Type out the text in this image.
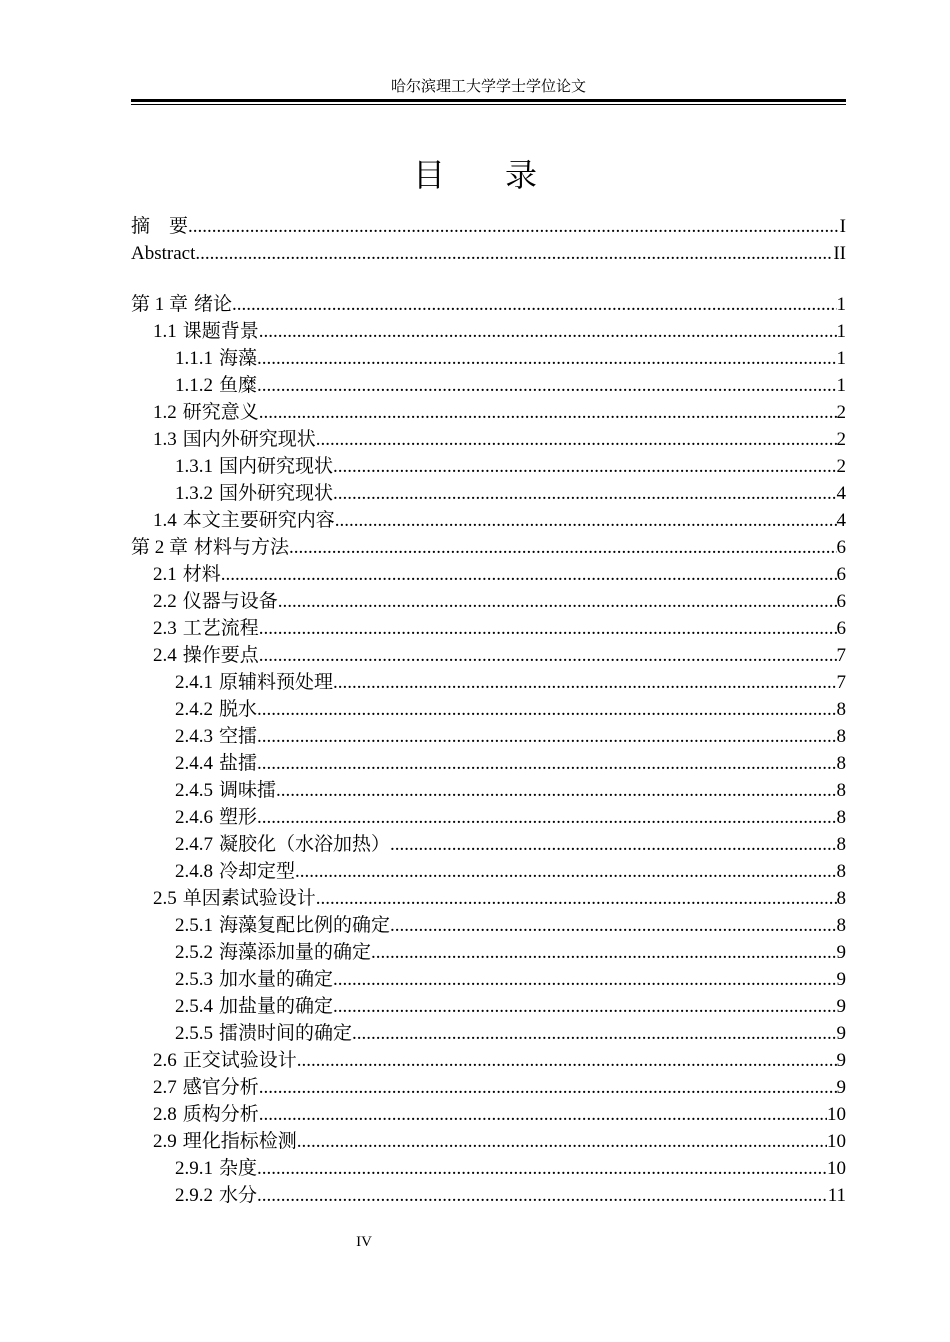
哈尔滨理工大学学士学位论文
目 录
摘　要 .....	I
Abstract .....	II
第 1 章 绪论 .....	1
1.1 课题背景 .....	1
1.1.1 海藻 .....	1
1.1.2 鱼糜 .....	1
1.2 研究意义 .....	2
1.3 国内外研究现状 .....	2
1.3.1 国内研究现状 .....	2
1.3.2 国外研究现状 .....	4
1.4 本文主要研究内容 .....	4
第 2 章 材料与方法 .....	6
2.1 材料 .....	6
2.2 仪器与设备 .....	6
2.3 工艺流程 .....	6
2.4 操作要点 .....	7
2.4.1 原辅料预处理 .....	7
2.4.2 脱水 .....	8
2.4.3 空擂 .....	8
2.4.4 盐擂 .....	8
2.4.5 调味擂 .....	8
2.4.6 塑形 .....	8
2.4.7 凝胶化（水浴加热） .....	8
2.4.8 冷却定型 .....	8
2.5 单因素试验设计 .....	8
2.5.1 海藻复配比例的确定 .....	8
2.5.2 海藻添加量的确定 .....	9
2.5.3 加水量的确定 .....	9
2.5.4 加盐量的确定 .....	9
2.5.5 擂溃时间的确定 .....	9
2.6 正交试验设计 .....	9
2.7 感官分析 .....	9
2.8 质构分析 .....	10
2.9 理化指标检测 .....	10
2.9.1 杂度 .....	10
2.9.2 水分 .....	11
IV
